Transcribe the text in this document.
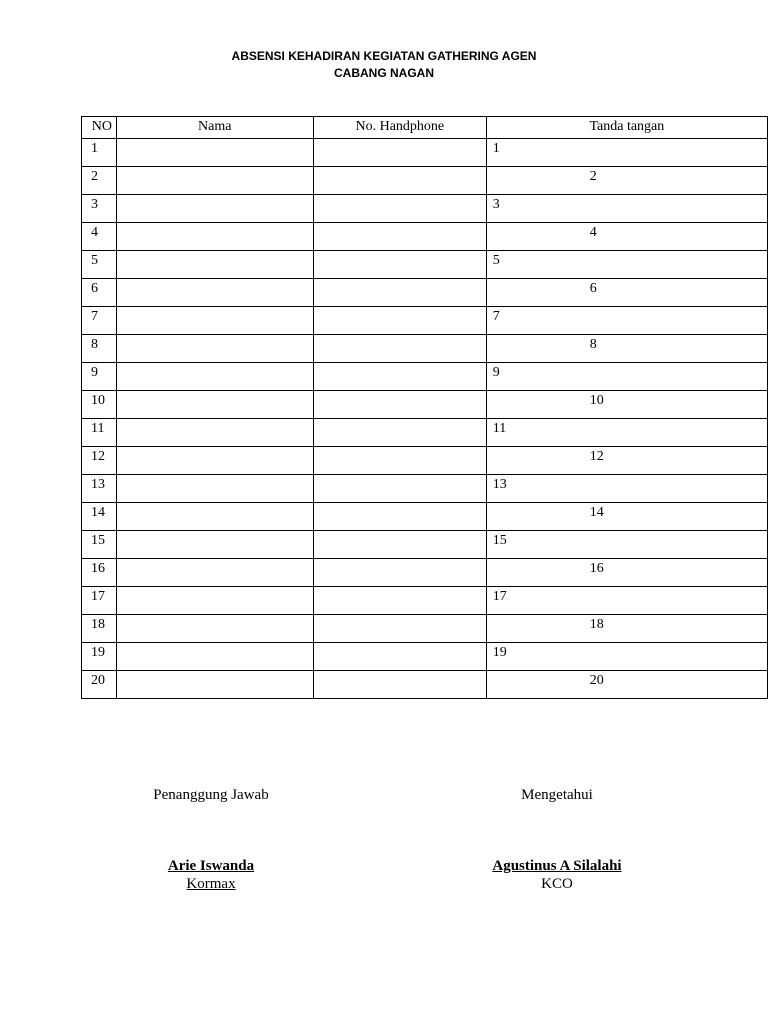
ABSENSI KEHADIRAN KEGIATAN GATHERING AGEN
CABANG NAGAN
NO	Nama	No. Handphone	Tanda tangan
1			1
2			2
3			3
4			4
5			5
6			6
7			7
8			8
9			9
10			10
11			11
12			12
13			13
14			14
15			15
16			16
17			17
18			18
19			19
20			20
Penanggung Jawab
Arie Iswanda
Kormax
Mengetahui
Agustinus A Silalahi
KCO
